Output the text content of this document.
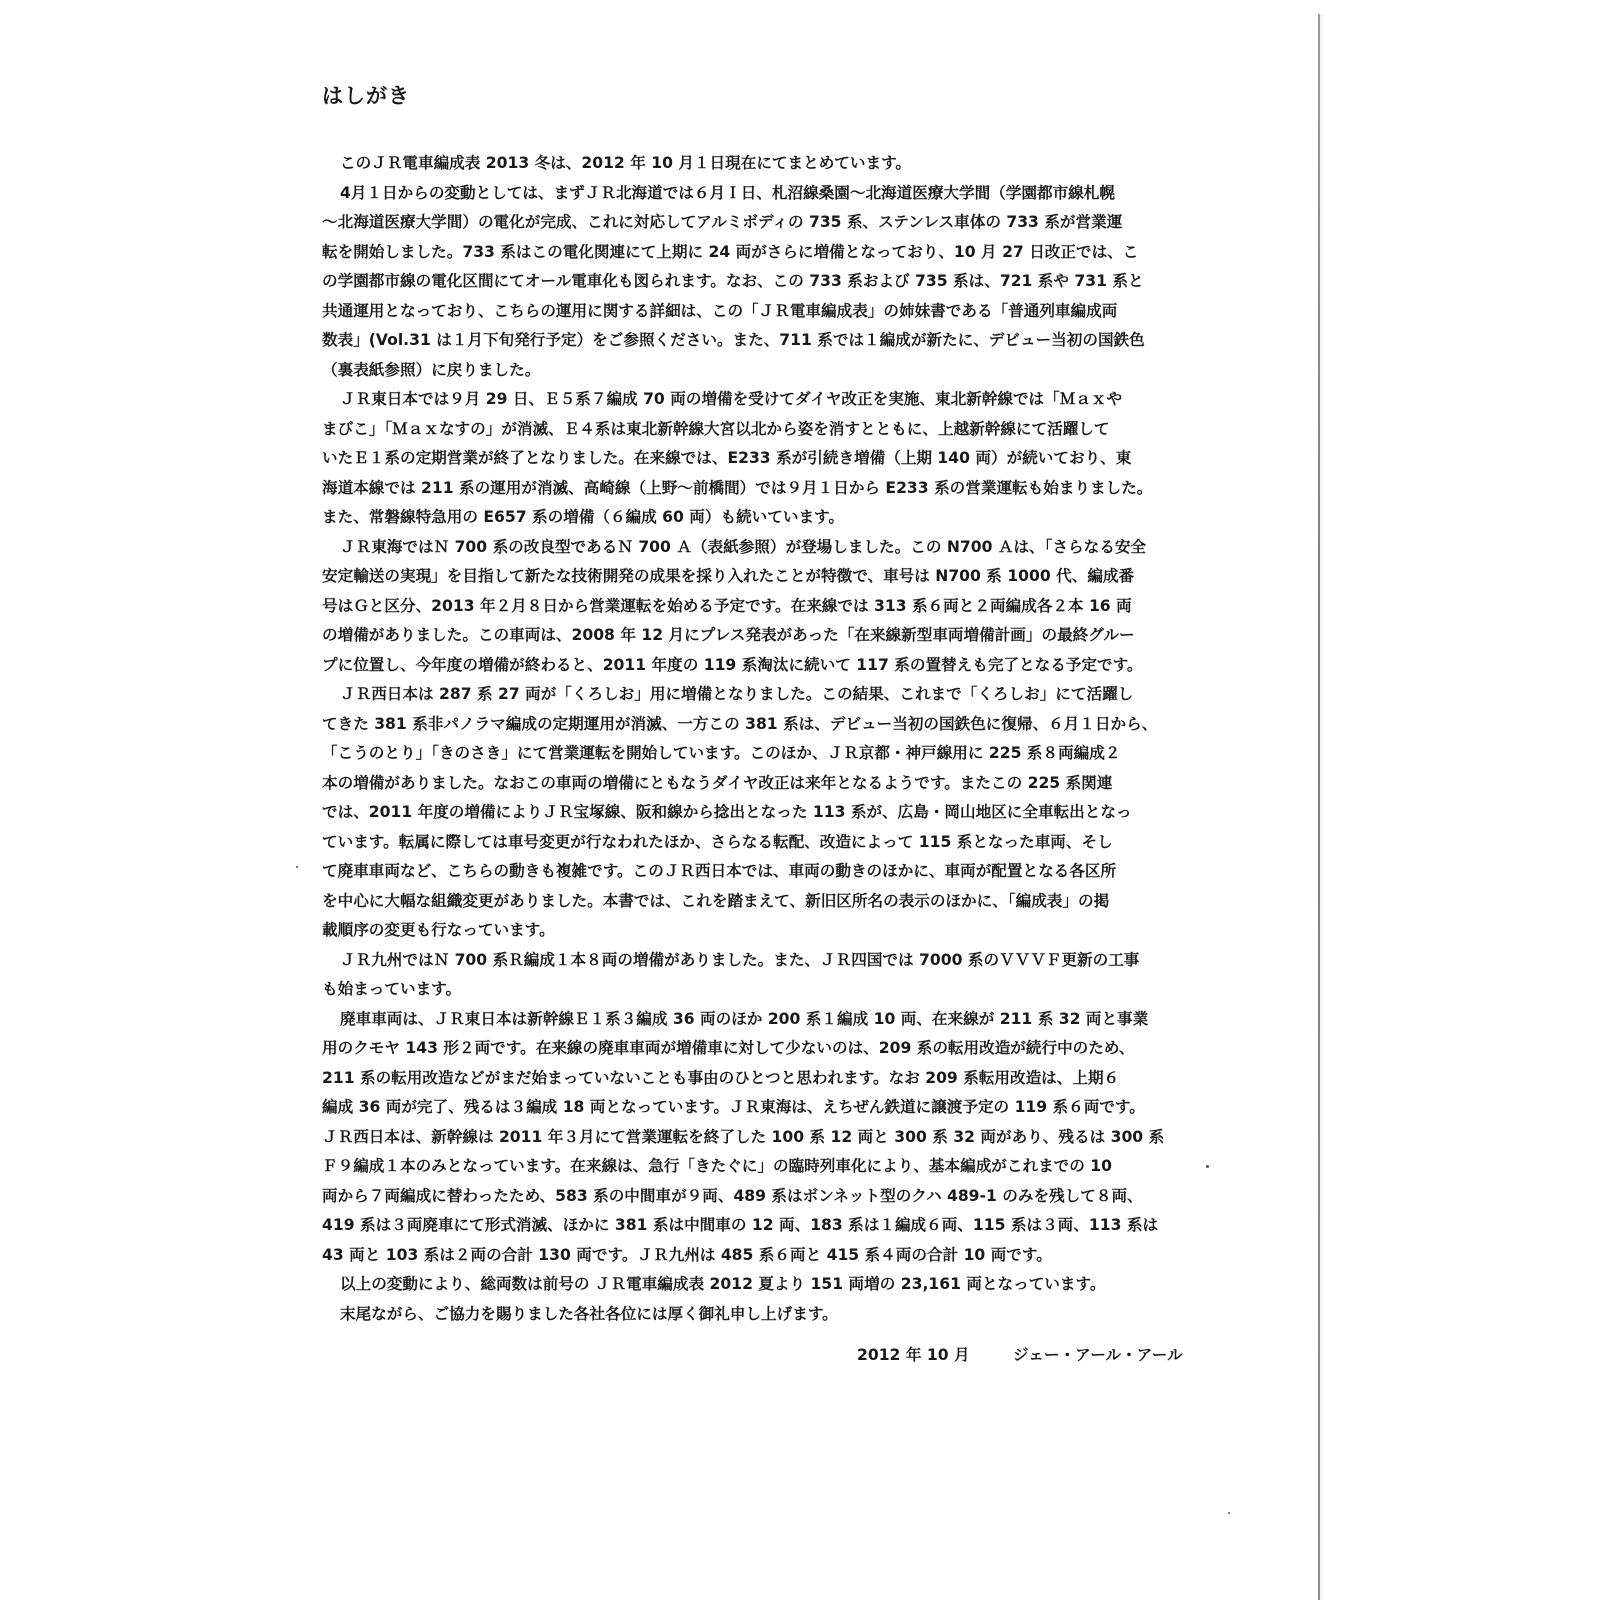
はしがき
このＪＲ電車編成表 2013 冬は、2012 年 10 月１日現在にてまとめています。
4月１日からの変動としては、まずＪＲ北海道では６月Ｉ日、札沼線桑園〜北海道医療大学間（学園都市線札幌
〜北海道医療大学間）の電化が完成、これに対応してアルミボディの 735 系、ステンレス車体の 733 系が営業運
転を開始しました。733 系はこの電化関連にて上期に 24 両がさらに増備となっており、10 月 27 日改正では、こ
の学園都市線の電化区間にてオール電車化も図られます。なお、この 733 系および 735 系は、721 系や 731 系と
共通運用となっており、こちらの運用に関する詳細は、この「ＪＲ電車編成表」の姉妹書である「普通列車編成両
数表」(Vol.31 は１月下旬発行予定）をご参照ください。また、711 系では１編成が新たに、デビュー当初の国鉄色
（裏表紙参照）に戻りました。
ＪＲ東日本では９月 29 日、Ｅ５系７編成 70 両の増備を受けてダイヤ改正を実施、東北新幹線では「Ｍａｘや
まびこ」「Ｍａｘなすの」が消滅、Ｅ４系は東北新幹線大宮以北から姿を消すとともに、上越新幹線にて活躍して
いたＥ１系の定期営業が終了となりました。在来線では、E233 系が引続き増備（上期 140 両）が続いており、東
海道本線では 211 系の運用が消滅、高崎線（上野〜前橋間）では９月１日から E233 系の営業運転も始まりました。
また、常磐線特急用の E657 系の増備（６編成 60 両）も続いています。
ＪＲ東海ではＮ 700 系の改良型であるＮ 700 Ａ（表紙参照）が登場しました。この N700 Ａは、「さらなる安全
安定輸送の実現」を目指して新たな技術開発の成果を採り入れたことが特徴で、車号は N700 系 1000 代、編成番
号はＧと区分、2013 年２月８日から営業運転を始める予定です。在来線では 313 系６両と２両編成各２本 16 両
の増備がありました。この車両は、2008 年 12 月にプレス発表があった「在来線新型車両増備計画」の最終グルー
プに位置し、今年度の増備が終わると、2011 年度の 119 系淘汰に続いて 117 系の置替えも完了となる予定です。
ＪＲ西日本は 287 系 27 両が「くろしお」用に増備となりました。この結果、これまで「くろしお」にて活躍し
てきた 381 系非パノラマ編成の定期運用が消滅、一方この 381 系は、デビュー当初の国鉄色に復帰、６月１日から、
「こうのとり」「きのさき」にて営業運転を開始しています。このほか、ＪＲ京都・神戸線用に 225 系８両編成２
本の増備がありました。なおこの車両の増備にともなうダイヤ改正は来年となるようです。またこの 225 系関連
では、2011 年度の増備によりＪＲ宝塚線、阪和線から捻出となった 113 系が、広島・岡山地区に全車転出となっ
ています。転属に際しては車号変更が行なわれたほか、さらなる転配、改造によって 115 系となった車両、そし
て廃車車両など、こちらの動きも複雑です。このＪＲ西日本では、車両の動きのほかに、車両が配置となる各区所
を中心に大幅な組織変更がありました。本書では、これを踏まえて、新旧区所名の表示のほかに、「編成表」の掲
載順序の変更も行なっています。
ＪＲ九州ではＮ 700 系Ｒ編成１本８両の増備がありました。また、ＪＲ四国では 7000 系のＶＶＶＦ更新の工事
も始まっています。
廃車車両は、ＪＲ東日本は新幹線Ｅ１系３編成 36 両のほか 200 系１編成 10 両、在来線が 211 系 32 両と事業
用のクモヤ 143 形２両です。在来線の廃車車両が増備車に対して少ないのは、209 系の転用改造が続行中のため、
211 系の転用改造などがまだ始まっていないことも事由のひとつと思われます。なお 209 系転用改造は、上期６
編成 36 両が完了、残るは３編成 18 両となっています。ＪＲ東海は、えちぜん鉄道に譲渡予定の 119 系６両です。
ＪＲ西日本は、新幹線は 2011 年３月にて営業運転を終了した 100 系 12 両と 300 系 32 両があり、残るは 300 系
Ｆ９編成１本のみとなっています。在来線は、急行「きたぐに」の臨時列車化により、基本編成がこれまでの 10
両から７両編成に替わったため、583 系の中間車が９両、489 系はボンネット型のクハ 489-1 のみを残して８両、
419 系は３両廃車にて形式消滅、ほかに 381 系は中間車の 12 両、183 系は１編成６両、115 系は３両、113 系は
43 両と 103 系は２両の合計 130 両です。ＪＲ九州は 485 系６両と 415 系４両の合計 10 両です。
以上の変動により、総両数は前号の ＪＲ電車編成表 2012 夏より 151 両増の 23,161 両となっています。
末尾ながら、ご協力を賜りました各社各位には厚く御礼申し上げます。
2012 年 10 月	ジェー・アール・アール
